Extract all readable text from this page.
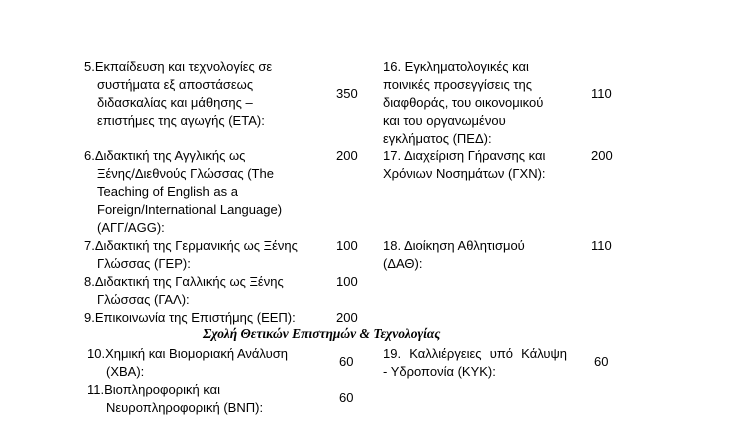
5.Εκπαίδευση και τεχνολογίες σε
συστήματα εξ αποστάσεως
διδασκαλίας και μάθησης –
επιστήμες της αγωγής (ΕΤΑ):
350
6.Διδακτική της Αγγλικής ως
Ξένης/Διεθνούς Γλώσσας (The
Teaching of English as a
Foreign/International Language)
(ΑΓΓ/AGG):
200
7.Διδακτική της Γερμανικής ως Ξένης
Γλώσσας (ΓΕΡ):
100
8.Διδακτική της Γαλλικής ως Ξένης
Γλώσσας (ΓΑΛ):
100
9.Επικοινωνία της Επιστήμης (ΕΕΠ):	200
16. Εγκληματολογικές και
ποινικές προσεγγίσεις της
διαφθοράς, του οικονομικού
και του οργανωμένου
εγκλήματος (ΠΕΔ):
110
17. Διαχείριση Γήρανσης και
Χρόνιων Νοσημάτων (ΓΧΝ):
200
18. Διοίκηση Αθλητισμού
(ΔΑΘ):
110
Σχολή Θετικών Επιστημών & Τεχνολογίας
10.Χημική και Βιομοριακή Ανάλυση
(ΧΒΑ):
60
11.Βιοπληροφορική και
Νευροπληροφορική (ΒΝΠ):
60
19. Καλλιέργειες υπό Κάλυψη
- Υδροπονία (ΚΥΚ):
60
